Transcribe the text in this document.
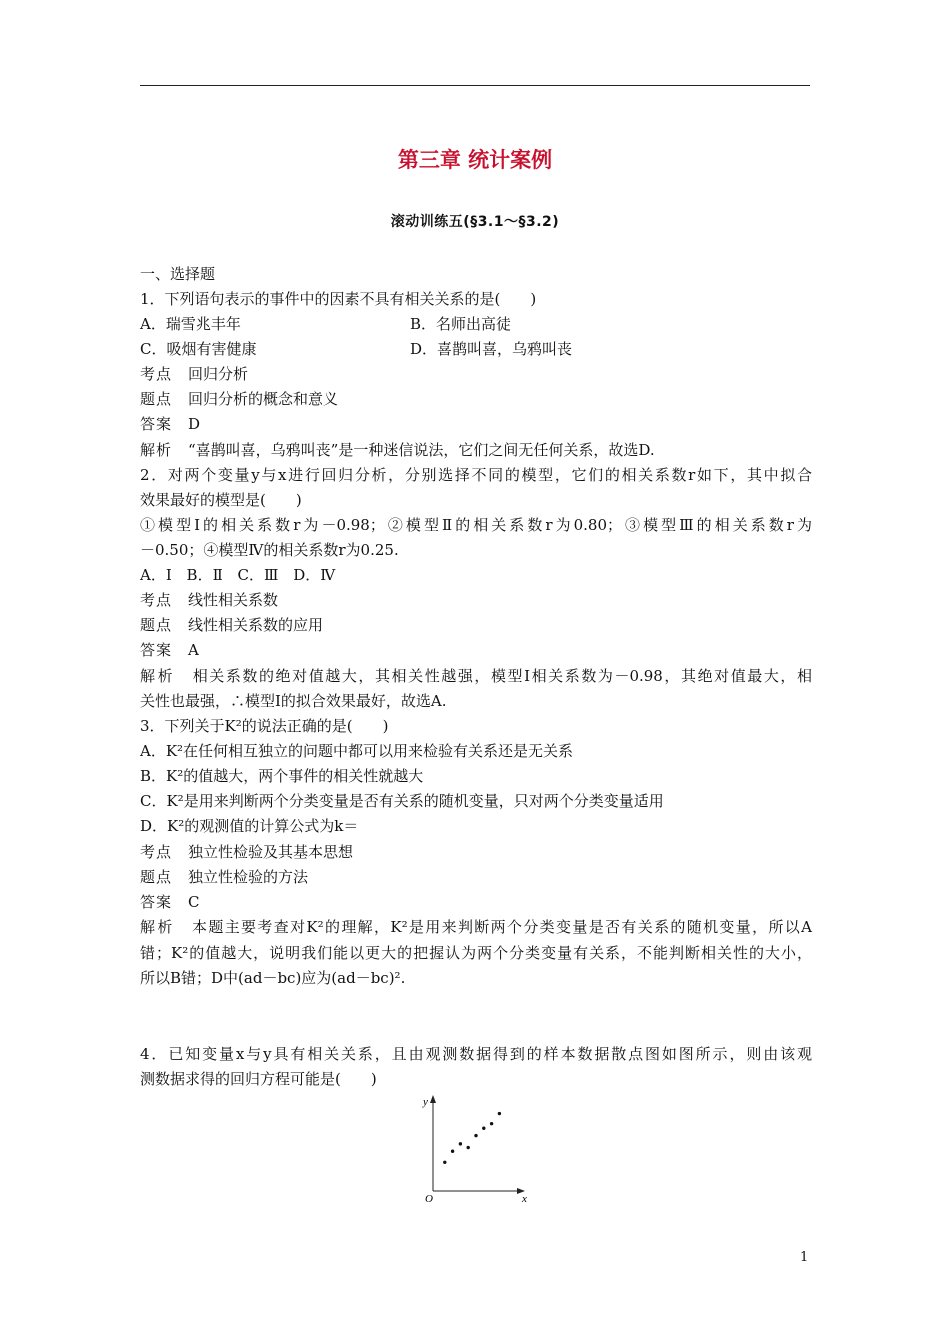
第三章 统计案例
滚动训练五(§3.1～§3.2)
一、选择题
1．下列语句表示的事件中的因素不具有相关关系的是(　　)
A．瑞雪兆丰年	B．名师出高徒
C．吸烟有害健康	D．喜鹊叫喜，乌鸦叫丧
考点 回归分析
题点 回归分析的概念和意义
答案 D
解析 “喜鹊叫喜，乌鸦叫丧”是一种迷信说法，它们之间无任何关系，故选D.
2．对两个变量y与x进行回归分析，分别选择不同的模型，它们的相关系数r如下，其中拟合
效果最好的模型是(　　)
①模型Ⅰ的相关系数r为－0.98；②模型Ⅱ的相关系数r为0.80；③模型Ⅲ的相关系数r为
－0.50；④模型Ⅳ的相关系数r为0.25.
A．Ⅰ B．Ⅱ C．Ⅲ D．Ⅳ
考点 线性相关系数
题点 线性相关系数的应用
答案 A
解析 相关系数的绝对值越大，其相关性越强，模型Ⅰ相关系数为－0.98，其绝对值最大，相
关性也最强，∴模型Ⅰ的拟合效果最好，故选A.
3．下列关于K²的说法正确的是(　　)
A．K²在任何相互独立的问题中都可以用来检验有关系还是无关系
B．K²的值越大，两个事件的相关性就越大
C．K²是用来判断两个分类变量是否有关系的随机变量，只对两个分类变量适用
D．K²的观测值的计算公式为k＝
考点 独立性检验及其基本思想
题点 独立性检验的方法
答案 C
解析 本题主要考查对K²的理解，K²是用来判断两个分类变量是否有关系的随机变量，所以A
错；K²的值越大，说明我们能以更大的把握认为两个分类变量有关系，不能判断相关性的大小，
所以B错；D中(ad－bc)应为(ad－bc)².
4．已知变量x与y具有相关关系，且由观测数据得到的样本数据散点图如图所示，则由该观
测数据求得的回归方程可能是(　　)
y
x
O
1
